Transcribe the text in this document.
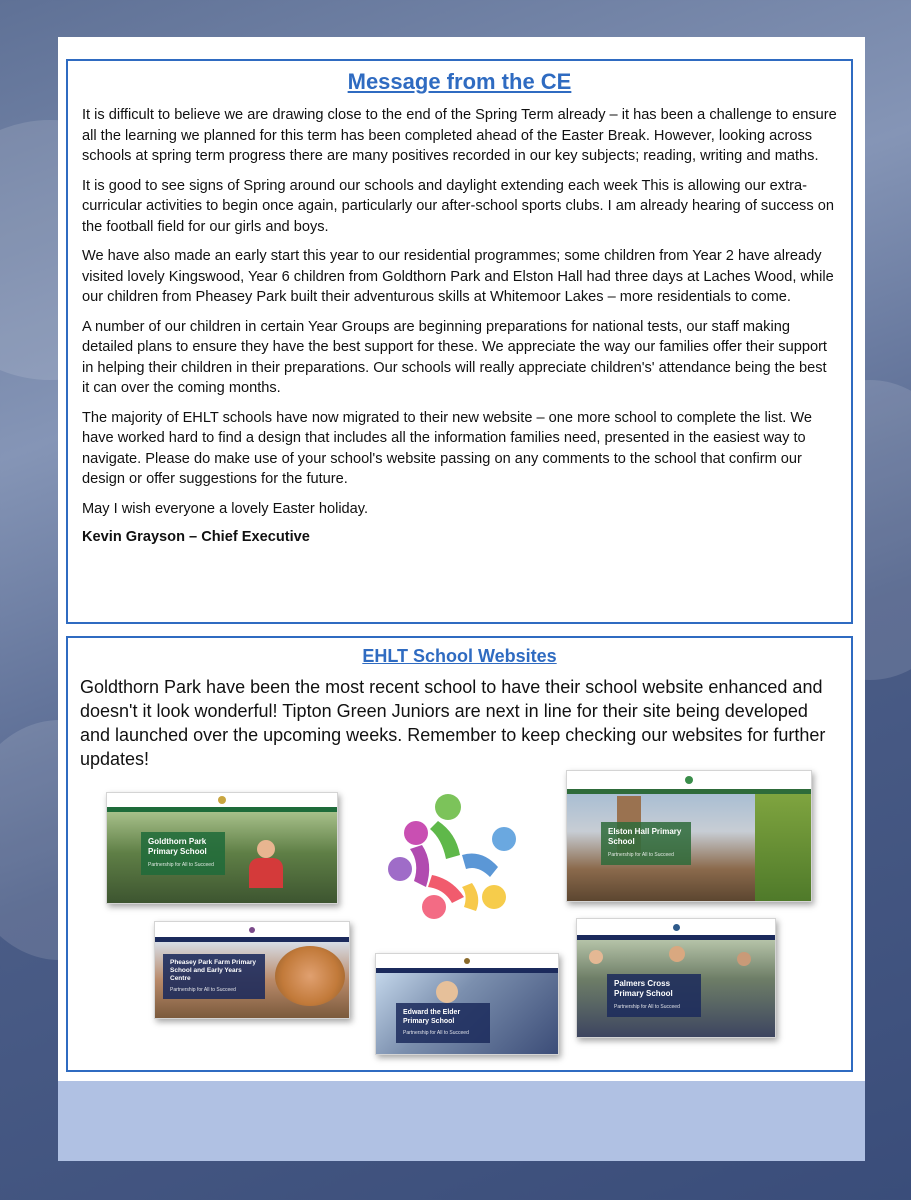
Message from the CE

It is difficult to believe we are drawing close to the end of the Spring Term already – it has been a challenge to ensure all the learning we planned for this term has been completed ahead of the Easter Break. However, looking across schools at spring term progress there are many positives recorded in our key subjects; reading, writing and maths.

It is good to see signs of Spring around our schools and daylight extending each week This is allowing our extra-curricular activities to begin once again, particularly our after-school sports clubs. I am already hearing of success on the football field for our girls and boys.

We have also made an early start this year to our residential programmes; some children from Year 2 have already visited lovely Kingswood, Year 6 children from Goldthorn Park and Elston Hall had three days at Laches Wood, while our children from Pheasey Park built their adventurous skills at Whitemoor Lakes – more residentials to come.

A number of our children in certain Year Groups are beginning preparations for national tests, our staff making detailed plans to ensure they have the best support for these. We appreciate the way our families offer their support in helping their children in their preparations. Our schools will really appreciate children's' attendance being the best it can over the coming months.

The majority of EHLT schools have now migrated to their new website – one more school to complete the list. We have worked hard to find a design that includes all the information families need, presented in the easiest way to navigate. Please do make use of your school's website passing on any comments to the school that confirm our design or offer suggestions for the future.

May I wish everyone a lovely Easter holiday.

Kevin Grayson – Chief Executive
EHLT School Websites

Goldthorn Park have been the most recent school to have their school website enhanced and doesn't it look wonderful! Tipton Green Juniors are next in line for their site being developed and launched over the upcoming weeks. Remember to keep checking our websites for further updates!

Goldthorn Park Primary School
Partnership for All to Succeed
Elston Hall Primary School
Partnership for All to Succeed
Pheasey Park Farm Primary School and Early Years Centre
Partnership for All to Succeed
Edward the Elder Primary School
Partnership for All to Succeed
Palmers Cross Primary School
Partnership for All to Succeed
